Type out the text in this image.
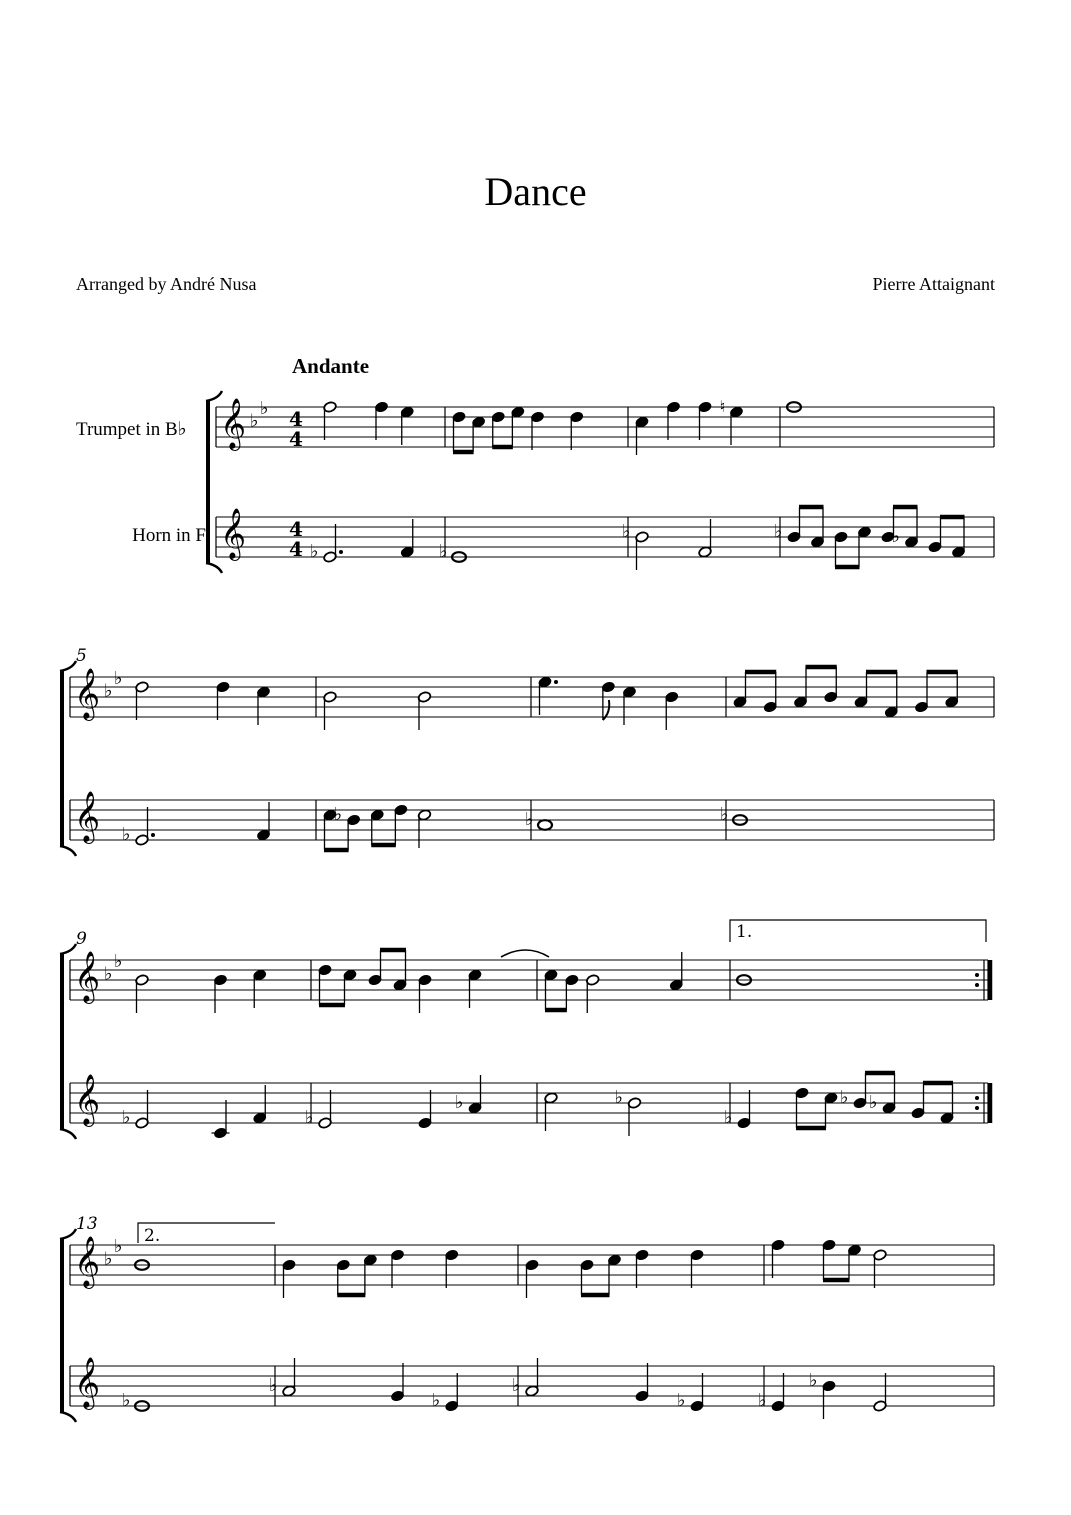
Dance
Arranged by André Nusa	Pierre Attaignant
Andante
Trumpet in B♭
Horn in F
𝄞
𝄞
♭
♭ 4
4
4
4 ♭	♭
♮
♭	♭	♭
𝄞
𝄞
♭
♭
5
♭
♭	♭	♭
𝄞
𝄞
♭
♭
9
♭	♭
♭	♭
♭
♭ ♭
1.
𝄞
𝄞
♭
♭
13
♭
♭
♭
♭
♭	♭
♭
2.
